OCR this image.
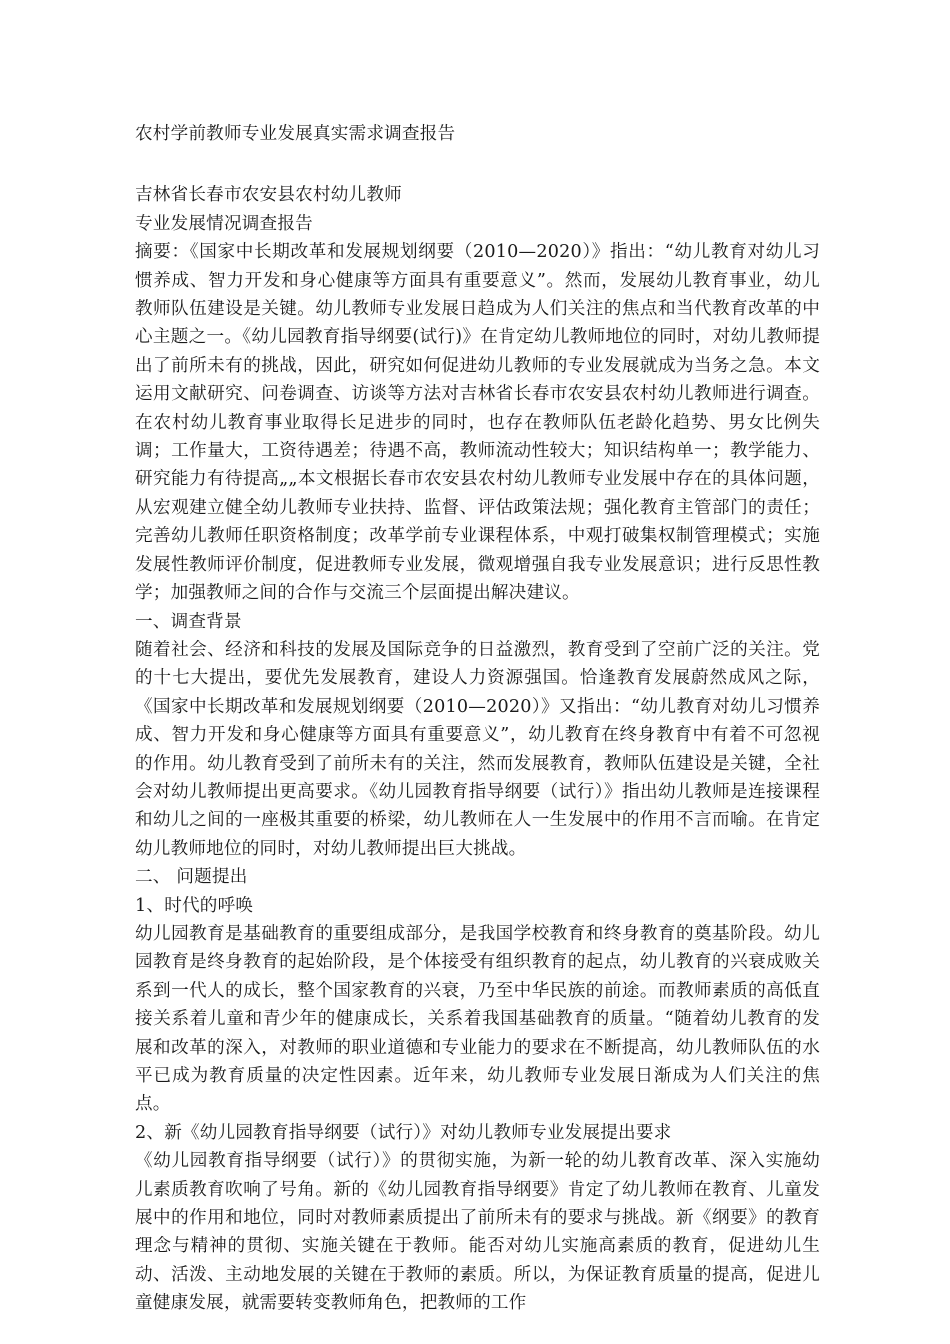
农村学前教师专业发展真实需求调查报告
吉林省长春市农安县农村幼儿教师
专业发展情况调查报告

摘要：《国家中长期改革和发展规划纲要（2010—2020）》指出：“幼儿教育对幼儿习惯养成、智力开发和身心健康等方面具有重要意义”。然而，发展幼儿教育事业，幼儿教师队伍建设是关键。幼儿教师专业发展日趋成为人们关注的焦点和当代教育改革的中心主题之一。《幼儿园教育指导纲要(试行)》在肯定幼儿教师地位的同时，对幼儿教师提出了前所未有的挑战，因此，研究如何促进幼儿教师的专业发展就成为当务之急。本文运用文献研究、问卷调查、访谈等方法对吉林省长春市农安县农村幼儿教师进行调查。在农村幼儿教育事业取得长足进步的同时，也存在教师队伍老龄化趋势、男女比例失调；工作量大，工资待遇差；待遇不高，教师流动性较大；知识结构单一；教学能力、研究能力有待提高„„本文根据长春市农安县农村幼儿教师专业发展中存在的具体问题，从宏观建立健全幼儿教师专业扶持、监督、评估政策法规；强化教育主管部门的责任；完善幼儿教师任职资格制度；改革学前专业课程体系，中观打破集权制管理模式；实施发展性教师评价制度，促进教师专业发展，微观增强自我专业发展意识；进行反思性教学；加强教师之间的合作与交流三个层面提出解决建议。

一、调查背景

随着社会、经济和科技的发展及国际竞争的日益激烈，教育受到了空前广泛的关注。党的十七大提出，要优先发展教育，建设人力资源强国。恰逢教育发展蔚然成风之际，《国家中长期改革和发展规划纲要（2010—2020）》又指出：“幼儿教育对幼儿习惯养成、智力开发和身心健康等方面具有重要意义”，幼儿教育在终身教育中有着不可忽视的作用。幼儿教育受到了前所未有的关注，然而发展教育，教师队伍建设是关键，全社会对幼儿教师提出更高要求。《幼儿园教育指导纲要（试行）》指出幼儿教师是连接课程和幼儿之间的一座极其重要的桥梁，幼儿教师在人一生发展中的作用不言而喻。在肯定幼儿教师地位的同时，对幼儿教师提出巨大挑战。

二、 问题提出

1、时代的呼唤

幼儿园教育是基础教育的重要组成部分，是我国学校教育和终身教育的奠基阶段。幼儿园教育是终身教育的起始阶段，是个体接受有组织教育的起点，幼儿教育的兴衰成败关系到一代人的成长，整个国家教育的兴衰，乃至中华民族的前途。而教师素质的高低直接关系着儿童和青少年的健康成长，关系着我国基础教育的质量。“随着幼儿教育的发展和改革的深入，对教师的职业道德和专业能力的要求在不断提高，幼儿教师队伍的水平已成为教育质量的决定性因素。近年来，幼儿教师专业发展日渐成为人们关注的焦点。

2、新《幼儿园教育指导纲要（试行）》对幼儿教师专业发展提出要求

《幼儿园教育指导纲要（试行）》的贯彻实施，为新一轮的幼儿教育改革、深入实施幼儿素质教育吹响了号角。新的《幼儿园教育指导纲要》肯定了幼儿教师在教育、儿童发展中的作用和地位，同时对教师素质提出了前所未有的要求与挑战。新《纲要》的教育理念与精神的贯彻、实施关键在于教师。能否对幼儿实施高素质的教育，促进幼儿生动、活泼、主动地发展的关键在于教师的素质。所以，为保证教育质量的提高，促进儿童健康发展，就需要转变教师角色，把教师的工作
